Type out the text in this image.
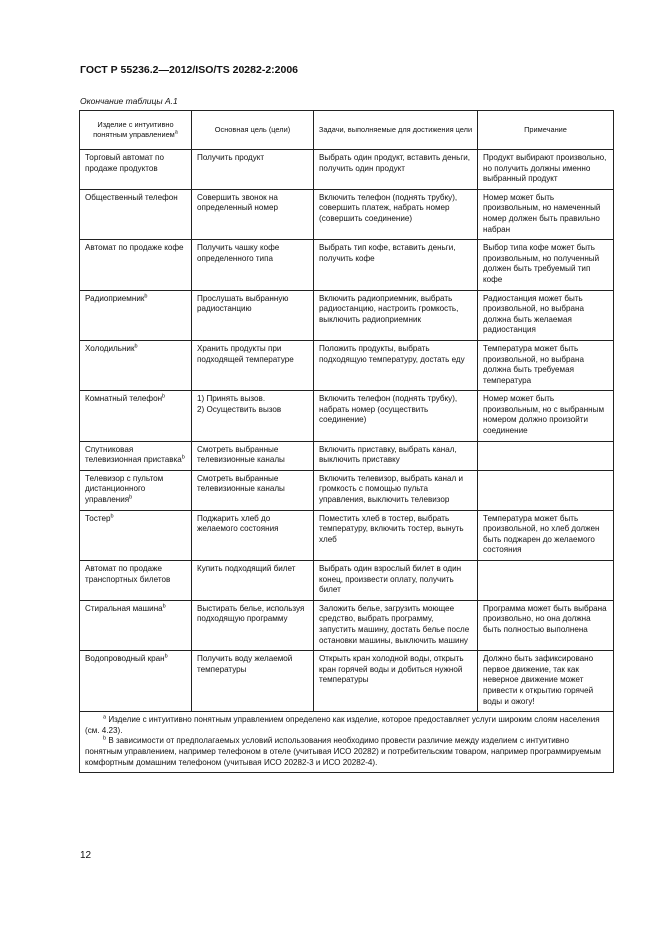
ГОСТ Р 55236.2—2012/ISO/TS 20282-2:2006
Окончание таблицы А.1
Изделие с интуитивно понятным управлением$^a$	Основная цель (цели)	Задачи, выполняемые для достижения цели	Примечание
Торговый автомат по продаже продуктов	Получить продукт	Выбрать один продукт, вставить деньги, получить один продукт	Продукт выбирают произвольно, но получить должны именно выбранный продукт
Общественный телефон	Совершить звонок на определенный номер	Включить телефон (поднять трубку), совершить платеж, набрать номер (совершить соединение)	Номер может быть произвольным, но намеченный номер должен быть правильно набран
Автомат по продаже кофе	Получить чашку кофе определенного типа	Выбрать тип кофе, вставить деньги, получить кофе	Выбор типа кофе может быть произвольным, но полученный должен быть требуемый тип кофе
Радиоприемник$^b$	Прослушать выбранную радиостанцию	Включить радиоприемник, выбрать радиостанцию, настроить громкость, выключить радиоприемник	Радиостанция может быть произвольной, но выбрана должна быть желаемая радиостанция
Холодильник$^b$	Хранить продукты при подходящей температуре	Положить продукты, выбрать подходящую температуру, достать еду	Температура может быть произвольной, но выбрана должна быть требуемая температура
Комнатный телефон$^b$	1) Принять вызов.
2) Осуществить вызов	Включить телефон (поднять трубку), набрать номер (осуществить соединение)	Номер может быть произвольным, но с выбранным номером должно произойти соединение
Спутниковая телевизионная приставка$^b$	Смотреть выбранные телевизионные каналы	Включить приставку, выбрать канал, выключить приставку	
Телевизор с пультом дистанционного управления$^b$	Смотреть выбранные телевизионные каналы	Включить телевизор, выбрать канал и громкость с помощью пульта управления, выключить телевизор	
Тостер$^b$	Поджарить хлеб до желаемого состояния	Поместить хлеб в тостер, выбрать температуру, включить тостер, вынуть хлеб	Температура может быть произвольной, но хлеб должен быть поджарен до желаемого состояния
Автомат по продаже транспортных билетов	Купить подходящий билет	Выбрать один взрослый билет в один конец, произвести оплату, получить билет	
Стиральная машина$^b$	Выстирать белье, используя подходящую программу	Заложить белье, загрузить моющее средство, выбрать программу, запустить машину, достать белье после остановки машины, выключить машину	Программа может быть выбрана произвольно, но она должна быть полностью выполнена
Водопроводный кран$^b$	Получить воду желаемой температуры	Открыть кран холодной воды, открыть кран горячей воды и добиться нужной температуры	Должно быть зафиксировано первое движение, так как неверное движение может привести к открытию горячей воды и ожогу!

$^a$ Изделие с интуитивно понятным управлением определено как изделие, которое предоставляет услуги широким слоям населения (см. 4.23).

$^b$ В зависимости от предполагаемых условий использования необходимо провести различие между изделием с интуитивно понятным управлением, например телефоном в отеле (учитывая ИСО 20282) и потребительским товаром, например программируемым комфортным домашним телефоном (учитывая ИСО 20282-3 и ИСО 20282-4).			

12
